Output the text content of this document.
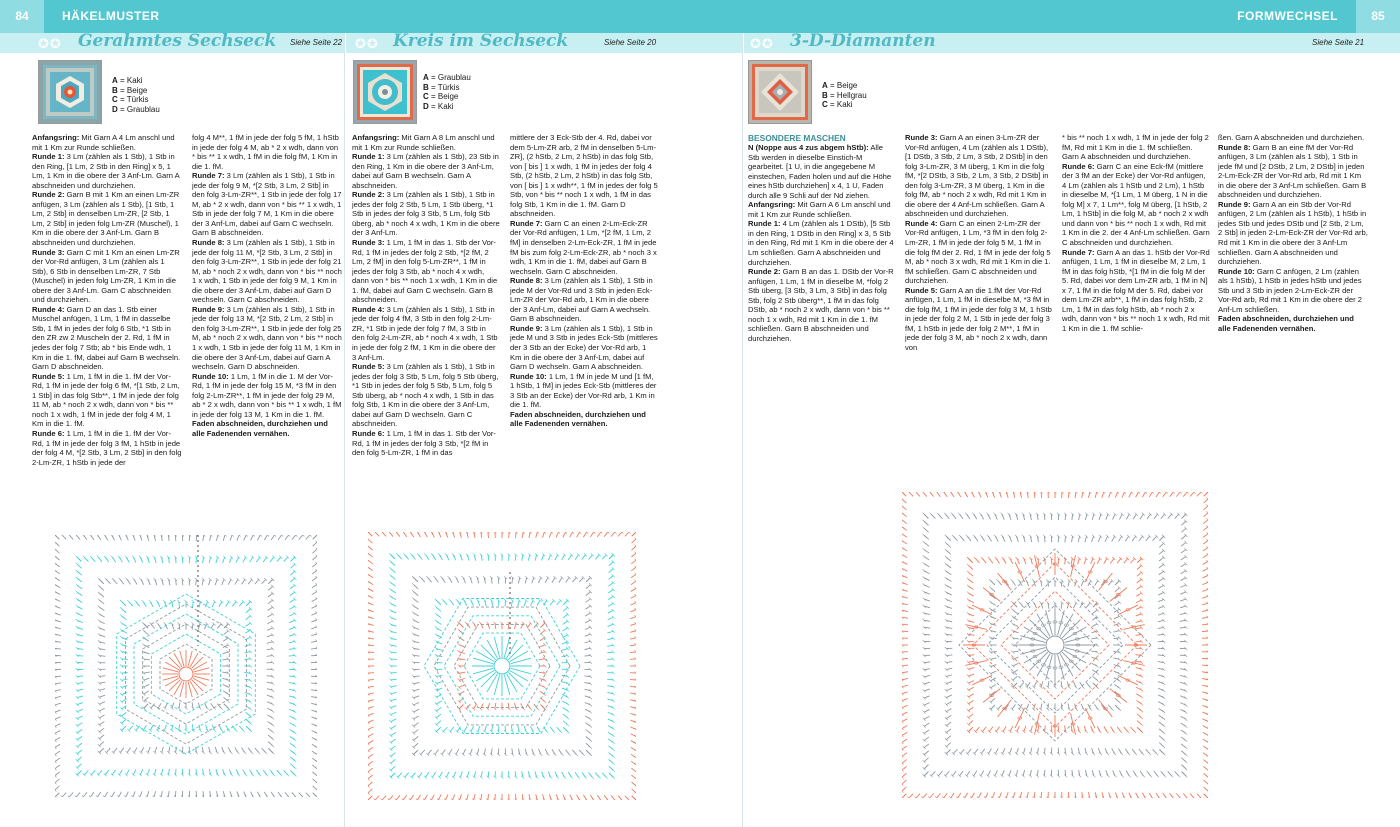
84	HÄKELMUSTER	FORMWECHSEL	85
✪✪ Gerahmtes Sechseck Siehe Seite 22 ✪✪ Kreis im Sechseck	Siehe Seite 20	✪✪ 3-D-Diamanten	Siehe Seite 21
A = Kaki
B = Beige
C = Türkis
D = Graublau
A = Graublau
B = Türkis
C = Beige
D = Kaki
A = Beige
B = Hellgrau
C = Kaki

Anfangsring: Mit Garn A 4 Lm anschl und mit 1 Km zur Runde schließen.

Runde 1: 3 Lm (zählen als 1 Stb), 1 Stb in den Ring, [1 Lm, 2 Stb in den Ring] x 5, 1 Lm, 1 Km in die obere der 3 Anf-Lm. Garn A abschneiden und durchziehen.

Runde 2: Garn B mit 1 Km an einen Lm-ZR anfügen, 3 Lm (zählen als 1 Stb), [1 Stb, 1 Lm, 2 Stb] in denselben Lm-ZR, [2 Stb, 1 Lm, 2 Stb] in jeden folg Lm-ZR (Muschel), 1 Km in die obere der 3 Anf-Lm. Garn B abschneiden und durchziehen.

Runde 3: Garn C mit 1 Km an einen Lm-ZR der Vor-Rd anfügen, 3 Lm (zählen als 1 Stb), 6 Stb in denselben Lm-ZR, 7 Stb (Muschel) in jeden folg Lm-ZR, 1 Km in die obere der 3 Anf-Lm. Garn C abschneiden und durchziehen.

Runde 4: Garn D an das 1. Stb einer Muschel anfügen, 1 Lm, 1 fM in dasselbe Stb, 1 fM in jedes der folg 6 Stb, *1 Stb in den ZR zw 2 Muscheln der 2. Rd, 1 fM in jedes der folg 7 Stb; ab * bis Ende wdh, 1 Km in die 1. fM, dabei auf Garn B wechseln. Garn D abschneiden.

Runde 5: 1 Lm, 1 fM in die 1. fM der Vor-Rd, 1 fM in jede der folg 6 fM, *[1 Stb, 2 Lm, 1 Stb] in das folg Stb**, 1 fM in jede der folg 11 M, ab * noch 2 x wdh, dann von * bis ** noch 1 x wdh, 1 fM in jede der folg 4 M, 1 Km in die 1. fM.

Runde 6: 1 Lm, 1 fM in die 1. fM der Vor-Rd, 1 fM in jede der folg 3 fM, 1 hStb in jede der folg 4 M, *[2 Stb, 3 Lm, 2 Stb] in den folg 2-Lm-ZR, 1 hStb in jede der

folg 4 M**, 1 fM in jede der folg 5 fM, 1 hStb in jede der folg 4 M, ab * 2 x wdh, dann von * bis ** 1 x wdh, 1 fM in die folg fM, 1 Km in die 1. fM.

Runde 7: 3 Lm (zählen als 1 Stb), 1 Stb in jede der folg 9 M, *[2 Stb, 3 Lm, 2 Stb] in den folg 3-Lm-ZR**, 1 Stb in jede der folg 17 M, ab * 2 x wdh, dann von * bis ** 1 x wdh, 1 Stb in jede der folg 7 M, 1 Km in die obere der 3 Anf-Lm, dabei auf Garn C wechseln. Garn B abschneiden.

Runde 8: 3 Lm (zählen als 1 Stb), 1 Stb in jede der folg 11 M, *[2 Stb, 3 Lm, 2 Stb] in den folg 3-Lm-ZR**, 1 Stb in jede der folg 21 M, ab * noch 2 x wdh, dann von * bis ** noch 1 x wdh, 1 Stb in jede der folg 9 M, 1 Km in die obere der 3 Anf-Lm, dabei auf Garn D wechseln. Garn C abschneiden.

Runde 9: 3 Lm (zählen als 1 Stb), 1 Stb in jede der folg 13 M, *[2 Stb, 2 Lm, 2 Stb] in den folg 3-Lm-ZR**, 1 Stb in jede der folg 25 M, ab * noch 2 x wdh, dann von * bis ** noch 1 x wdh, 1 Stb in jede der folg 11 M, 1 Km in die obere der 3 Anf-Lm, dabei auf Garn A wechseln. Garn D abschneiden.

Runde 10: 1 Lm, 1 fM in die 1. M der Vor-Rd, 1 fM in jede der folg 15 M, *3 fM in den folg 2-Lm-ZR**, 1 fM in jede der folg 29 M, ab * 2 x wdh, dann von * bis ** 1 x wdh, 1 fM in jede der folg 13 M, 1 Km in die 1. fM.

Faden abschneiden, durchziehen und alle Fadenenden vernähen.

Anfangsring: Mit Garn A 8 Lm anschl und mit 1 Km zur Runde schließen.

Runde 1: 3 Lm (zählen als 1 Stb), 23 Stb in den Ring, 1 Km in die obere der 3 Anf-Lm, dabei auf Garn B wechseln. Garn A abschneiden.

Runde 2: 3 Lm (zählen als 1 Stb), 1 Stb in jedes der folg 2 Stb, 5 Lm, 1 Stb überg, *1 Stb in jedes der folg 3 Stb, 5 Lm, folg Stb überg, ab * noch 4 x wdh, 1 Km in die obere der 3 Anf-Lm.

Runde 3: 1 Lm, 1 fM in das 1. Stb der Vor-Rd, 1 fM in jedes der folg 2 Stb, *[2 fM, 2 Lm, 2 fM] in den folg 5-Lm-ZR**, 1 fM in jedes der folg 3 Stb, ab * noch 4 x wdh, dann von * bis ** noch 1 x wdh, 1 Km in die 1. fM, dabei auf Garn C wechseln. Garn B abschneiden.

Runde 4: 3 Lm (zählen als 1 Stb), 1 Stb in jede der folg 4 fM, 3 Stb in den folg 2-Lm-ZR, *1 Stb in jede der folg 7 fM, 3 Stb in den folg 2-Lm-ZR, ab * noch 4 x wdh, 1 Stb in jede der folg 2 fM, 1 Km in die obere der 3 Anf-Lm.

Runde 5: 3 Lm (zählen als 1 Stb), 1 Stb in jedes der folg 3 Stb, 5 Lm, folg 5 Stb überg, *1 Stb in jedes der folg 5 Stb, 5 Lm, folg 5 Stb überg, ab * noch 4 x wdh, 1 Stb in das folg Stb, 1 Km in die obere der 3 Anf-Lm, dabei auf Garn D wechseln. Garn C abschneiden.

Runde 6: 1 Lm, 1 fM in das 1. Stb der Vor-Rd, 1 fM in jedes der folg 3 Stb, *[2 fM in den folg 5-Lm-ZR, 1 fM in das

mittlere der 3 Eck-Stb der 4. Rd, dabei vor dem 5-Lm-ZR arb, 2 fM in denselben 5-Lm-ZR], (2 hStb, 2 Lm, 2 hStb) in das folg Stb, von [ bis ] 1 x wdh, 1 fM in jedes der folg 4 Stb, (2 hStb, 2 Lm, 2 hStb) in das folg Stb, von [ bis ] 1 x wdh**, 1 fM in jedes der folg 5 Stb, von * bis ** noch 1 x wdh, 1 fM in das folg Stb, 1 Km in die 1. fM. Garn D abschneiden.

Runde 7: Garn C an einen 2-Lm-Eck-ZR der Vor-Rd anfügen, 1 Lm, *[2 fM, 1 Lm, 2 fM] in denselben 2-Lm-Eck-ZR, 1 fM in jede fM bis zum folg 2-Lm-Eck-ZR, ab * noch 3 x wdh, 1 Km in die 1. fM, dabei auf Garn B wechseln. Garn C abschneiden.

Runde 8: 3 Lm (zählen als 1 Stb), 1 Stb in jede M der Vor-Rd und 3 Stb in jeden Eck-Lm-ZR der Vor-Rd arb, 1 Km in die obere der 3 Anf-Lm, dabei auf Garn A wechseln. Garn B abschneiden.

Runde 9: 3 Lm (zählen als 1 Stb), 1 Stb in jede M und 3 Stb in jedes Eck-Stb (mittleres der 3 Stb an der Ecke) der Vor-Rd arb, 1 Km in die obere der 3 Anf-Lm, dabei auf Garn D wechseln. Garn A abschneiden.

Runde 10: 1 Lm, 1 fM in jede M und [1 fM, 1 hStb, 1 fM] in jedes Eck-Stb (mittleres der 3 Stb an der Ecke) der Vor-Rd arb, 1 Km in die 1. fM.

Faden abschneiden, durchziehen und alle Fadenenden vernähen.

BESONDERE MASCHEN

N (Noppe aus 4 zus abgem hStb): Alle Stb werden in dieselbe Einstich-M gearbeitet. [1 U, in die angegebene M einstechen, Faden holen und auf die Höhe eines hStb durchziehen] x 4, 1 U, Faden durch alle 9 Schli auf der Nd ziehen.

Anfangsring: Mit Garn A 6 Lm anschl und mit 1 Km zur Runde schließen.

Runde 1: 4 Lm (zählen als 1 DStb), [5 Stb in den Ring, 1 DStb in den Ring] x 3, 5 Stb in den Ring, Rd mit 1 Km in die obere der 4 Lm schließen. Garn A abschneiden und durchziehen.

Runde 2: Garn B an das 1. DStb der Vor-R anfügen, 1 Lm, 1 fM in dieselbe M, *folg 2 Stb überg, [3 Stb, 3 Lm, 3 Stb] in das folg Stb, folg 2 Stb überg**, 1 fM in das folg DStb, ab * noch 2 x wdh, dann von * bis ** noch 1 x wdh, Rd mit 1 Km in die 1. fM schließen. Garn B abschneiden und durchziehen.

Runde 3: Garn A an einen 3-Lm-ZR der Vor-Rd anfügen, 4 Lm (zählen als 1 DStb), [1 DStb, 3 Stb, 2 Lm, 3 Stb, 2 DStb] in den folg 3-Lm-ZR, 3 M überg, 1 Km in die folg fM, *[2 DStb, 3 Stb, 2 Lm, 3 Stb, 2 DStb] in den folg 3-Lm-ZR, 3 M überg, 1 Km in die folg fM, ab * noch 2 x wdh, Rd mit 1 Km in die obere der 4 Anf-Lm schließen. Garn A abschneiden und durchziehen.

Runde 4: Garn C an einen 2-Lm-ZR der Vor-Rd anfügen, 1 Lm, *3 fM in den folg 2-Lm-ZR, 1 fM in jede der folg 5 M, 1 fM in die folg fM der 2. Rd, 1 fM in jede der folg 5 M, ab * noch 3 x wdh, Rd mit 1 Km in die 1. fM schließen. Garn C abschneiden und durchziehen.

Runde 5: Garn A an die 1.fM der Vor-Rd anfügen, 1 Lm, 1 fM in dieselbe M, *3 fM in die folg fM, 1 fM in jede der folg 3 M, 1 hStb in jede der folg 2 M, 1 Stb in jede der folg 3 fM, 1 hStb in jede der folg 2 M**, 1 fM in jede der folg 3 M, ab * noch 2 x wdh, dann von

* bis ** noch 1 x wdh, 1 fM in jede der folg 2 fM, Rd mit 1 Km in die 1. fM schließen. Garn A abschneiden und durchziehen.

Runde 6: Garn C an eine Eck-fM (mittlere der 3 fM an der Ecke) der Vor-Rd anfügen, 4 Lm (zählen als 1 hStb und 2 Lm), 1 hStb in dieselbe M, *[1 Lm, 1 M überg, 1 N in die folg M] x 7, 1 Lm**, folg M überg, [1 hStb, 2 Lm, 1 hStb] in die folg M, ab * noch 2 x wdh und dann von * bis ** noch 1 x wdh, Rd mit 1 Km in die 2. der 4 Anf-Lm schließen. Garn C abschneiden und durchziehen.

Runde 7: Garn A an das 1. hStb der Vor-Rd anfügen, 1 Lm, 1 fM in dieselbe M, 2 Lm, 1 fM in das folg hStb, *[1 fM in die folg M der 5. Rd, dabei vor dem Lm-ZR arb, 1 fM in N] x 7, 1 fM in die folg M der 5. Rd, dabei vor dem Lm-ZR arb**, 1 fM in das folg hStb, 2 Lm, 1 fM in das folg hStb, ab * noch 2 x wdh, dann von * bis ** noch 1 x wdh, Rd mit 1 Km in die 1. fM schlie-

ßen. Garn A abschneiden und durchziehen.

Runde 8: Garn B an eine fM der Vor-Rd anfügen, 3 Lm (zählen als 1 Stb), 1 Stb in jede fM und [2 DStb, 2 Lm, 2 DStb] in jeden 2-Lm-Eck-ZR der Vor-Rd arb, Rd mit 1 Km in die obere der 3 Anf-Lm schließen. Garn B abschneiden und durchziehen.

Runde 9: Garn A an ein Stb der Vor-Rd anfügen, 2 Lm (zählen als 1 hStb), 1 hStb in jedes Stb und jedes DStb und [2 Stb, 2 Lm, 2 Stb] in jeden 2-Lm-Eck-ZR der Vor-Rd arb, Rd mit 1 Km in die obere der 3 Anf-Lm schließen. Garn A abschneiden und durchziehen.

Runde 10: Garn C anfügen, 2 Lm (zählen als 1 hStb), 1 hStb in jedes hStb und jedes Stb und 3 Stb in jeden 2-Lm-Eck-ZR der Vor-Rd arb, Rd mit 1 Km in die obere der 2 Anf-Lm schließen.

Faden abschneiden, durchziehen und alle Fadenenden vernähen.
